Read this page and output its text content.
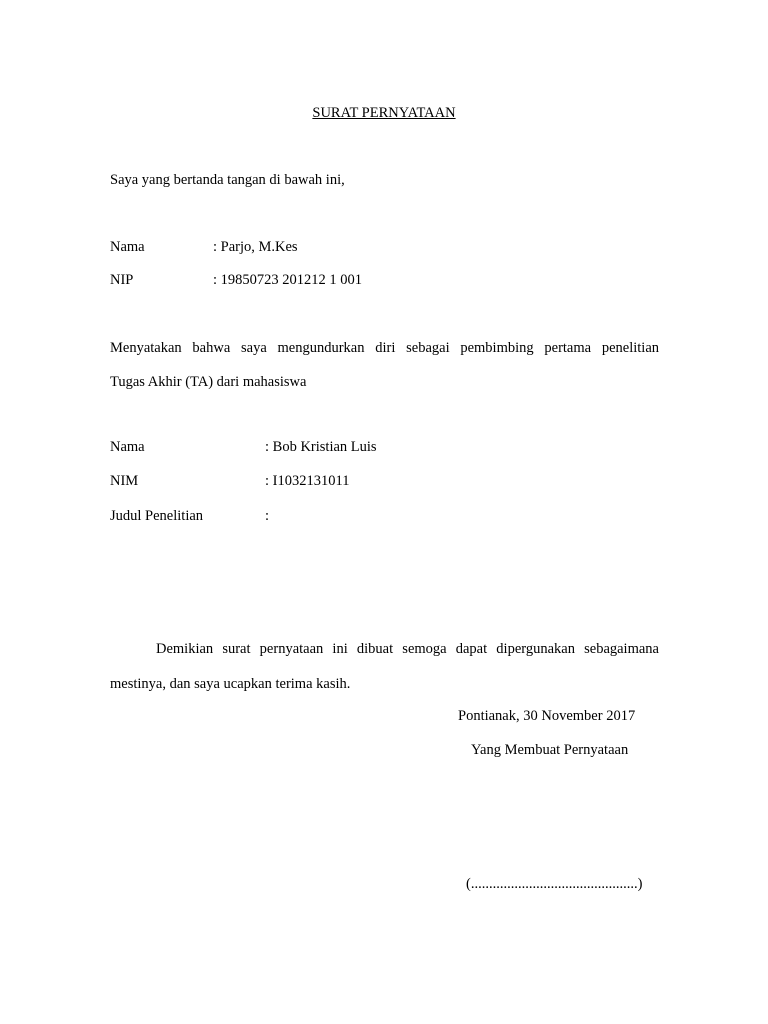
SURAT PERNYATAAN
Saya yang bertanda tangan di bawah ini,
Nama	: Parjo, M.Kes
NIP	: 19850723 201212 1 001
Menyatakan bahwa saya mengundurkan diri sebagai pembimbing pertama penelitian
Tugas Akhir (TA) dari mahasiswa
Nama	: Bob Kristian Luis
NIM	: I1032131011
Judul Penelitian	:
Demikian surat pernyataan ini dibuat semoga dapat dipergunakan sebagaimana
mestinya, dan saya ucapkan terima kasih.
Pontianak, 30 November 2017
Yang Membuat Pernyataan
(..............................................)
